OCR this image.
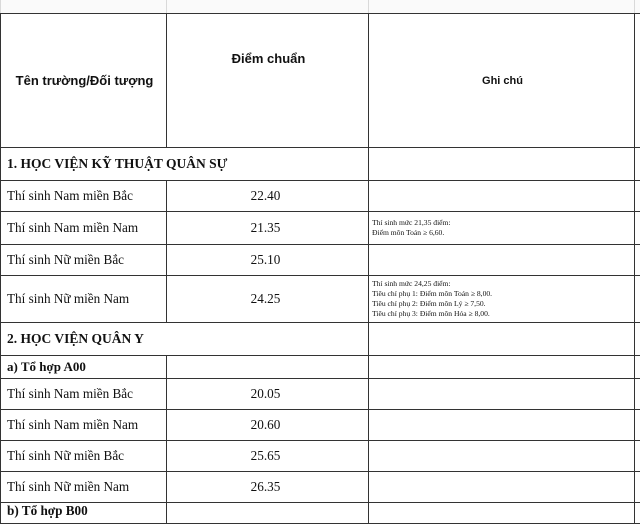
Tên trường/Đối tượng	Điểm chuẩn	Ghi chú	
1. HỌC VIỆN KỸ THUẬT QUÂN SỰ			
Thí sinh Nam miền Bắc	22.40		
Thí sinh Nam miền Nam	21.35	Thí sinh mức 21,35 điểm:
Điểm môn Toán ≥ 6,60.	

Thí sinh Nữ miền Bắc	25.10		
Thí sinh Nữ miền Nam	24.25	Thí sinh mức 24,25 điểm:
Tiêu chí phụ 1: Điểm môn Toán ≥ 8,00.
Tiêu chí phụ 2: Điểm môn Lý ≥ 7,50.
Tiêu chí phụ 3: Điểm môn Hóa ≥ 8,00.	

2. HỌC VIỆN QUÂN Y			
a) Tổ hợp A00			
Thí sinh Nam miền Bắc	20.05		
Thí sinh Nam miền Nam	20.60		
Thí sinh Nữ miền Bắc	25.65		
Thí sinh Nữ miền Nam	26.35		
b) Tổ hợp B00			
